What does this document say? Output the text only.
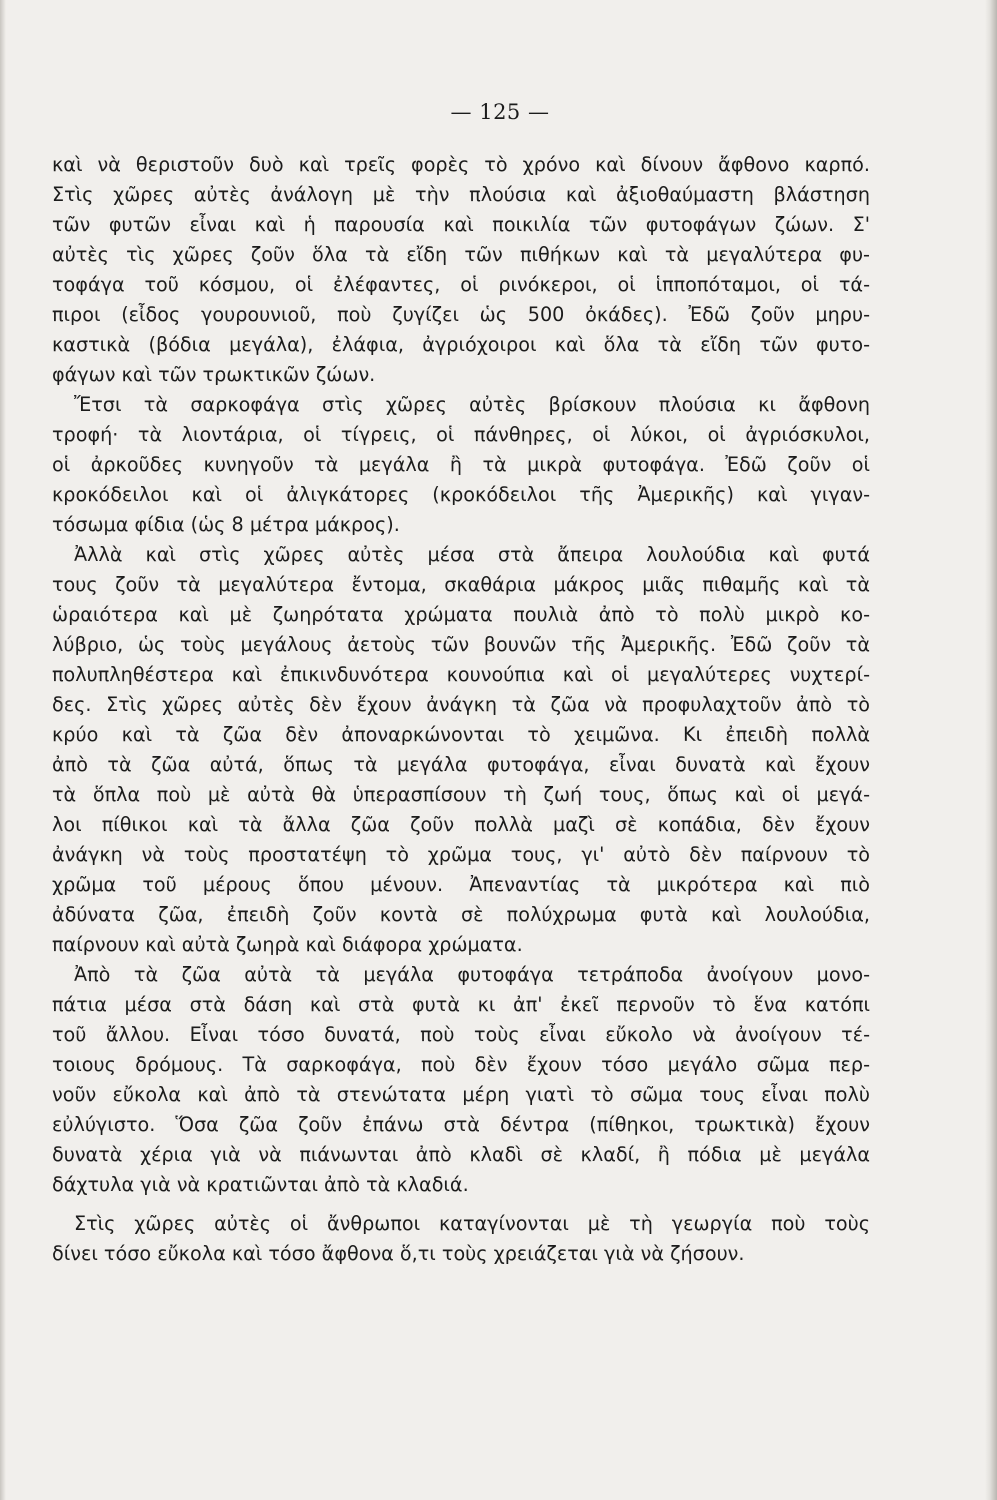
— 125 —
καὶ νὰ θεριστοῦν δυὸ καὶ τρεῖς φορὲς τὸ χρόνο καὶ δίνουν ἄφθονο καρπό.
Στὶς χῶρες αὐτὲς ἀνάλογη μὲ τὴν πλούσια καὶ ἀξιοθαύμαστη βλάστηση
τῶν φυτῶν εἶναι καὶ ἡ παρουσία καὶ ποικιλία τῶν φυτοφάγων ζώων. Σ'
αὐτὲς τὶς χῶρες ζοῦν ὅλα τὰ εἴδη τῶν πιθήκων καὶ τὰ μεγαλύτερα φυ-
τοφάγα τοῦ κόσμου, οἱ ἐλέφαντες, οἱ ρινόκεροι, οἱ ἱπποπόταμοι, οἱ τά-
πιροι (εἶδος γουρουνιοῦ, ποὺ ζυγίζει ὡς 500 ὀκάδες). Ἐδῶ ζοῦν μηρυ-
καστικὰ (βόδια μεγάλα), ἐλάφια, ἀγριόχοιροι καὶ ὅλα τὰ εἴδη τῶν φυτο-
φάγων καὶ τῶν τρωκτικῶν ζώων.
Ἔτσι τὰ σαρκοφάγα στὶς χῶρες αὐτὲς βρίσκουν πλούσια κι ἄφθονη
τροφή· τὰ λιοντάρια, οἱ τίγρεις, οἱ πάνθηρες, οἱ λύκοι, οἱ ἀγριόσκυλοι,
οἱ ἀρκοῦδες κυνηγοῦν τὰ μεγάλα ἢ τὰ μικρὰ φυτοφάγα. Ἐδῶ ζοῦν οἱ
κροκόδειλοι καὶ οἱ ἀλιγκάτορες (κροκόδειλοι τῆς Ἀμερικῆς) καὶ γιγαν-
τόσωμα φίδια (ὡς 8 μέτρα μάκρος).
Ἀλλὰ καὶ στὶς χῶρες αὐτὲς μέσα στὰ ἄπειρα λουλούδια καὶ φυτά
τους ζοῦν τὰ μεγαλύτερα ἔντομα, σκαθάρια μάκρος μιᾶς πιθαμῆς καὶ τὰ
ὡραιότερα καὶ μὲ ζωηρότατα χρώματα πουλιὰ ἀπὸ τὸ πολὺ μικρὸ κο-
λύβριο, ὡς τοὺς μεγάλους ἀετοὺς τῶν βουνῶν τῆς Ἀμερικῆς. Ἐδῶ ζοῦν τὰ
πολυπληθέστερα καὶ ἐπικινδυνότερα κουνούπια καὶ οἱ μεγαλύτερες νυχτερί-
δες. Στὶς χῶρες αὐτὲς δὲν ἔχουν ἀνάγκη τὰ ζῶα νὰ προφυλαχτοῦν ἀπὸ τὸ
κρύο καὶ τὰ ζῶα δὲν ἀποναρκώνονται τὸ χειμῶνα. Κι ἐπειδὴ πολλὰ
ἀπὸ τὰ ζῶα αὐτά, ὅπως τὰ μεγάλα φυτοφάγα, εἶναι δυνατὰ καὶ ἔχουν
τὰ ὅπλα ποὺ μὲ αὐτὰ θὰ ὑπερασπίσουν τὴ ζωή τους, ὅπως καὶ οἱ μεγά-
λοι πίθικοι καὶ τὰ ἄλλα ζῶα ζοῦν πολλὰ μαζὶ σὲ κοπάδια, δὲν ἔχουν
ἀνάγκη νὰ τοὺς προστατέψη τὸ χρῶμα τους, γι' αὐτὸ δὲν παίρνουν τὸ
χρῶμα τοῦ μέρους ὅπου μένουν. Ἀπεναντίας τὰ μικρότερα καὶ πιὸ
ἀδύνατα ζῶα, ἐπειδὴ ζοῦν κοντὰ σὲ πολύχρωμα φυτὰ καὶ λουλούδια,
παίρνουν καὶ αὐτὰ ζωηρὰ καὶ διάφορα χρώματα.
Ἀπὸ τὰ ζῶα αὐτὰ τὰ μεγάλα φυτοφάγα τετράποδα ἀνοίγουν μονο-
πάτια μέσα στὰ δάση καὶ στὰ φυτὰ κι ἀπ' ἐκεῖ περνοῦν τὸ ἕνα κατόπι
τοῦ ἄλλου. Εἶναι τόσο δυνατά, ποὺ τοὺς εἶναι εὔκολο νὰ ἀνοίγουν τέ-
τοιους δρόμους. Τὰ σαρκοφάγα, ποὺ δὲν ἔχουν τόσο μεγάλο σῶμα περ-
νοῦν εὔκολα καὶ ἀπὸ τὰ στενώτατα μέρη γιατὶ τὸ σῶμα τους εἶναι πολὺ
εὐλύγιστο. Ὅσα ζῶα ζοῦν ἐπάνω στὰ δέντρα (πίθηκοι, τρωκτικὰ) ἔχουν
δυνατὰ χέρια γιὰ νὰ πιάνωνται ἀπὸ κλαδὶ σὲ κλαδί, ἢ πόδια μὲ μεγάλα
δάχτυλα γιὰ νὰ κρατιῶνται ἀπὸ τὰ κλαδιά.
Στὶς χῶρες αὐτὲς οἱ ἄνθρωποι καταγίνονται μὲ τὴ γεωργία ποὺ τοὺς
δίνει τόσο εὔκολα καὶ τόσο ἄφθονα ὅ,τι τοὺς χρειάζεται γιὰ νὰ ζήσουν.
